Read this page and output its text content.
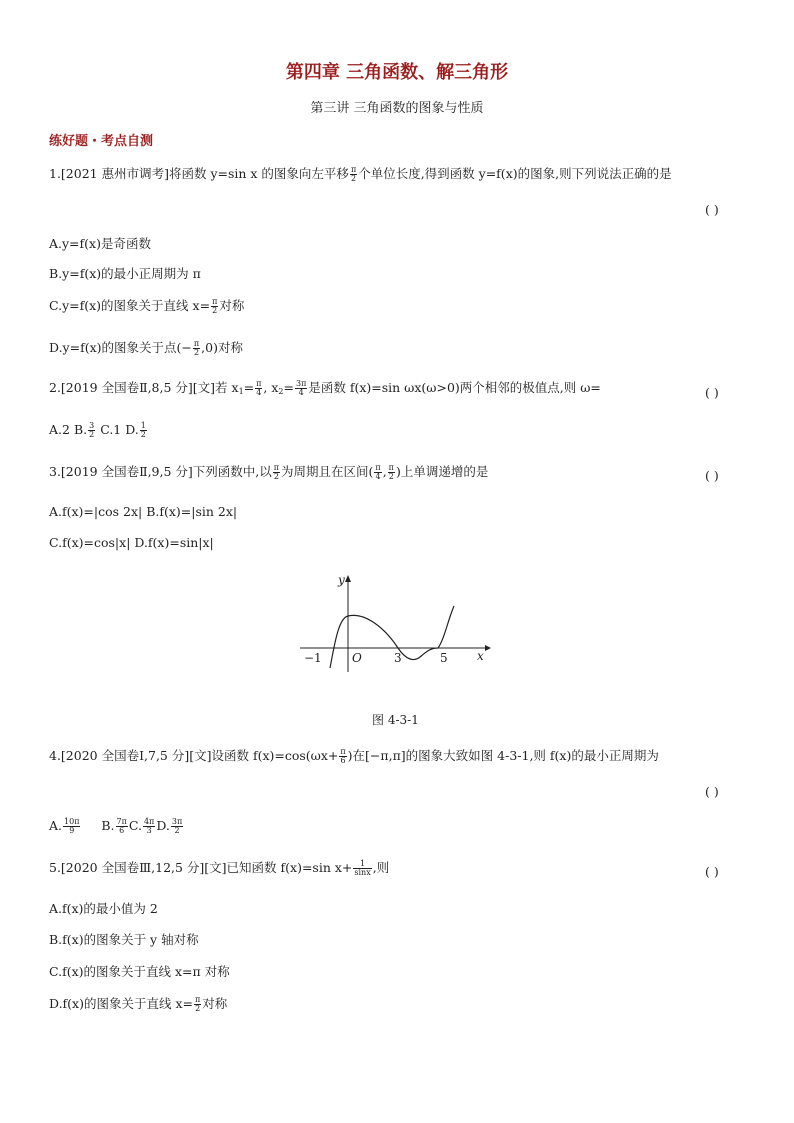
第四章 三角函数、解三角形
第三讲 三角函数的图象与性质
练好题・考点自测
1.[2021 惠州市调考]将函数 y=sin x 的图象向左平移 $\frac{\pi}{2}$ 个单位长度,得到函数 y=f(x)的图象,则下列说法正确的是
( )
A.y=f(x)是奇函数
B.y=f(x)的最小正周期为 π
C.y=f(x)的图象关于直线 $x= \frac{\pi}{2}$ 对称
D.y=f(x)的图象关于点(− $\frac{\pi}{2} ,0$)对称
2.[2019 全国卷Ⅱ,8,5 分][文]若 $x_1= \frac{\pi}{4}$ , $x_2= \frac{3\pi}{4}$ 是函数 f(x)=sin ωx(ω>0)两个相邻的极值点,则 ω=	( )
A.2 B. $\frac{3}{2} C.1$ D. $\frac{1}{2}$
3.[2019 全国卷Ⅱ,9,5 分]下列函数中,以 $\frac{\pi}{2}$ 为周期且在区间( $\frac{\pi}{4}$ , $\frac{\pi}{2}$ )上单调递增的是	( )
A.f(x)=|cos 2x| B.f(x)=|sin 2x|
C.f(x)=cos|x| D.f(x)=sin|x|
y
x
−1	O	3	5
图 4-3-1
4.[2020 全国卷Ⅰ,7,5 分][文]设函数 $f(x)=\cos(\omega x+ \frac{\pi}{6}$ )在[−π,π]的图象大致如图 4-3-1,则 f(x)的最小正周期为
( )
A. $\frac{10\pi}{9} B$. $\frac{7\pi}{6} C$. $\frac{4\pi}{3} D$. $\frac{3\pi}{2}$
5.[2020 全国卷Ⅲ,12,5 分][文]已知函数 f(x)=sin $x+ \frac{1}{\sin x}$ ,则	( )
A.f(x)的最小值为 2
B.f(x)的图象关于 y 轴对称
C.f(x)的图象关于直线 x=π 对称
D.f(x)的图象关于直线 $x= \frac{\pi}{2}$ 对称
